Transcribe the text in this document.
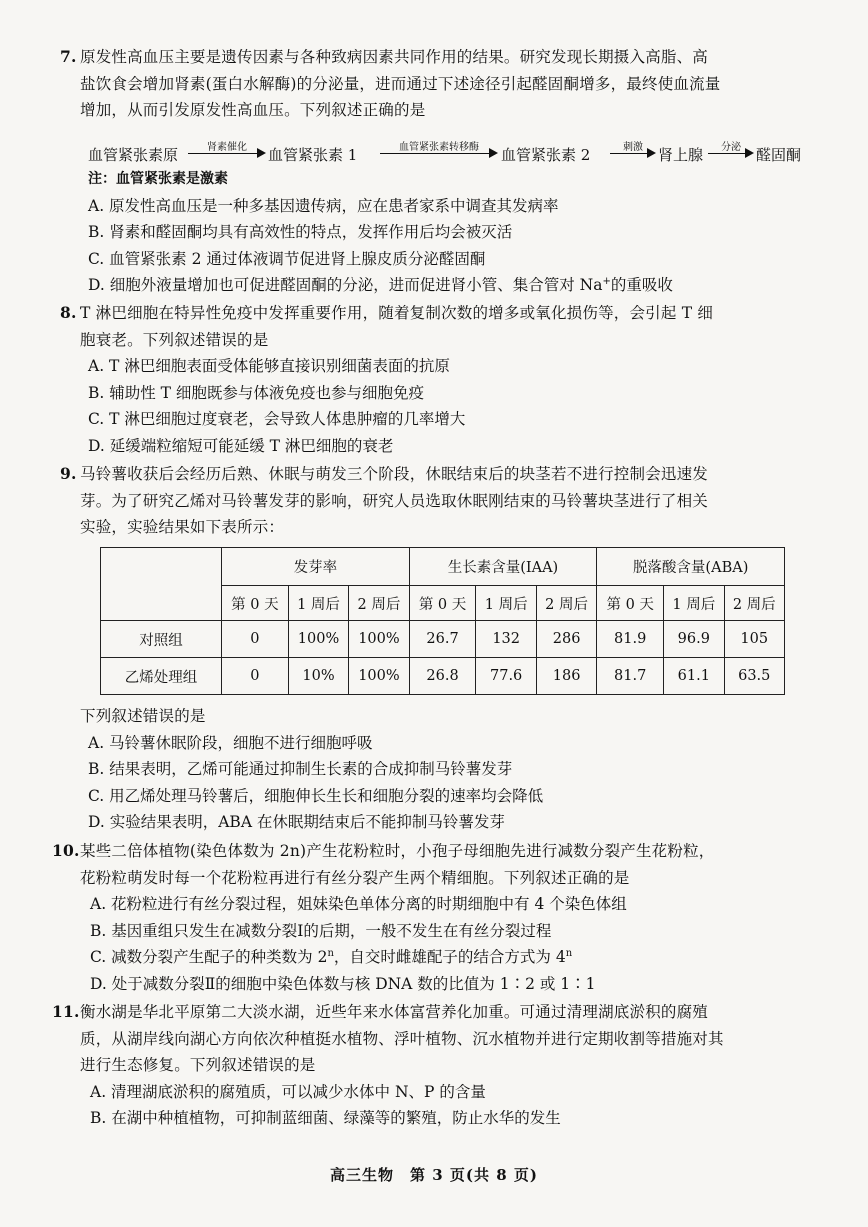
7. 原发性高血压主要是遗传因素与各种致病因素共同作用的结果。研究发现长期摄入高脂、高
盐饮食会增加肾素(蛋白水解酶)的分泌量，进而通过下述途径引起醛固酮增多，最终使血流量
增加，从而引发原发性高血压。下列叙述正确的是
血管紧张素原	肾素催化	血管紧张素 1	血管紧张素转移酶	血管紧张素 2	刺激	肾上腺	分泌	醛固酮
注：血管紧张素是激素
A. 原发性高血压是一种多基因遗传病，应在患者家系中调查其发病率
B. 肾素和醛固酮均具有高效性的特点，发挥作用后均会被灭活
C. 血管紧张素 2 通过体液调节促进肾上腺皮质分泌醛固酮
D. 细胞外液量增加也可促进醛固酮的分泌，进而促进肾小管、集合管对 Na+的重吸收
8. T 淋巴细胞在特异性免疫中发挥重要作用，随着复制次数的增多或氧化损伤等，会引起 T 细
胞衰老。下列叙述错误的是
A. T 淋巴细胞表面受体能够直接识别细菌表面的抗原
B. 辅助性 T 细胞既参与体液免疫也参与细胞免疫
C. T 淋巴细胞过度衰老，会导致人体患肿瘤的几率增大
D. 延缓端粒缩短可能延缓 T 淋巴细胞的衰老
9. 马铃薯收获后会经历后熟、休眠与萌发三个阶段，休眠结束后的块茎若不进行控制会迅速发
芽。为了研究乙烯对马铃薯发芽的影响，研究人员选取休眠刚结束的马铃薯块茎进行了相关
实验，实验结果如下表所示：
	发芽率			生长素含量(IAA)			脱落酸含量(ABA)		
	第 0 天	1 周后	2 周后	第 0 天	1 周后	2 周后	第 0 天	1 周后	2 周后
对照组	0	100%	100%	26.7	132	286	81.9	96.9	105
乙烯处理组	0	10%	100%	26.8	77.6	186	81.7	61.1	63.5
下列叙述错误的是
A. 马铃薯休眠阶段，细胞不进行细胞呼吸
B. 结果表明，乙烯可能通过抑制生长素的合成抑制马铃薯发芽
C. 用乙烯处理马铃薯后，细胞伸长生长和细胞分裂的速率均会降低
D. 实验结果表明，ABA 在休眠期结束后不能抑制马铃薯发芽
10. 某些二倍体植物(染色体数为 2n)产生花粉粒时，小孢子母细胞先进行减数分裂产生花粉粒，
花粉粒萌发时每一个花粉粒再进行有丝分裂产生两个精细胞。下列叙述正确的是
A. 花粉粒进行有丝分裂过程，姐妹染色单体分离的时期细胞中有 4 个染色体组
B. 基因重组只发生在减数分裂Ⅰ的后期，一般不发生在有丝分裂过程
C. 减数分裂产生配子的种类数为 2$^n$，自交时雌雄配子的结合方式为 4$^n$
D. 处于减数分裂Ⅱ的细胞中染色体数与核 DNA 数的比值为 1∶2 或 1∶1
11. 衡水湖是华北平原第二大淡水湖，近些年来水体富营养化加重。可通过清理湖底淤积的腐殖
质，从湖岸线向湖心方向依次种植挺水植物、浮叶植物、沉水植物并进行定期收割等措施对其
进行生态修复。下列叙述错误的是
A. 清理湖底淤积的腐殖质，可以减少水体中 N、P 的含量
B. 在湖中种植植物，可抑制蓝细菌、绿藻等的繁殖，防止水华的发生
高三生物　第 3 页(共 8 页)
